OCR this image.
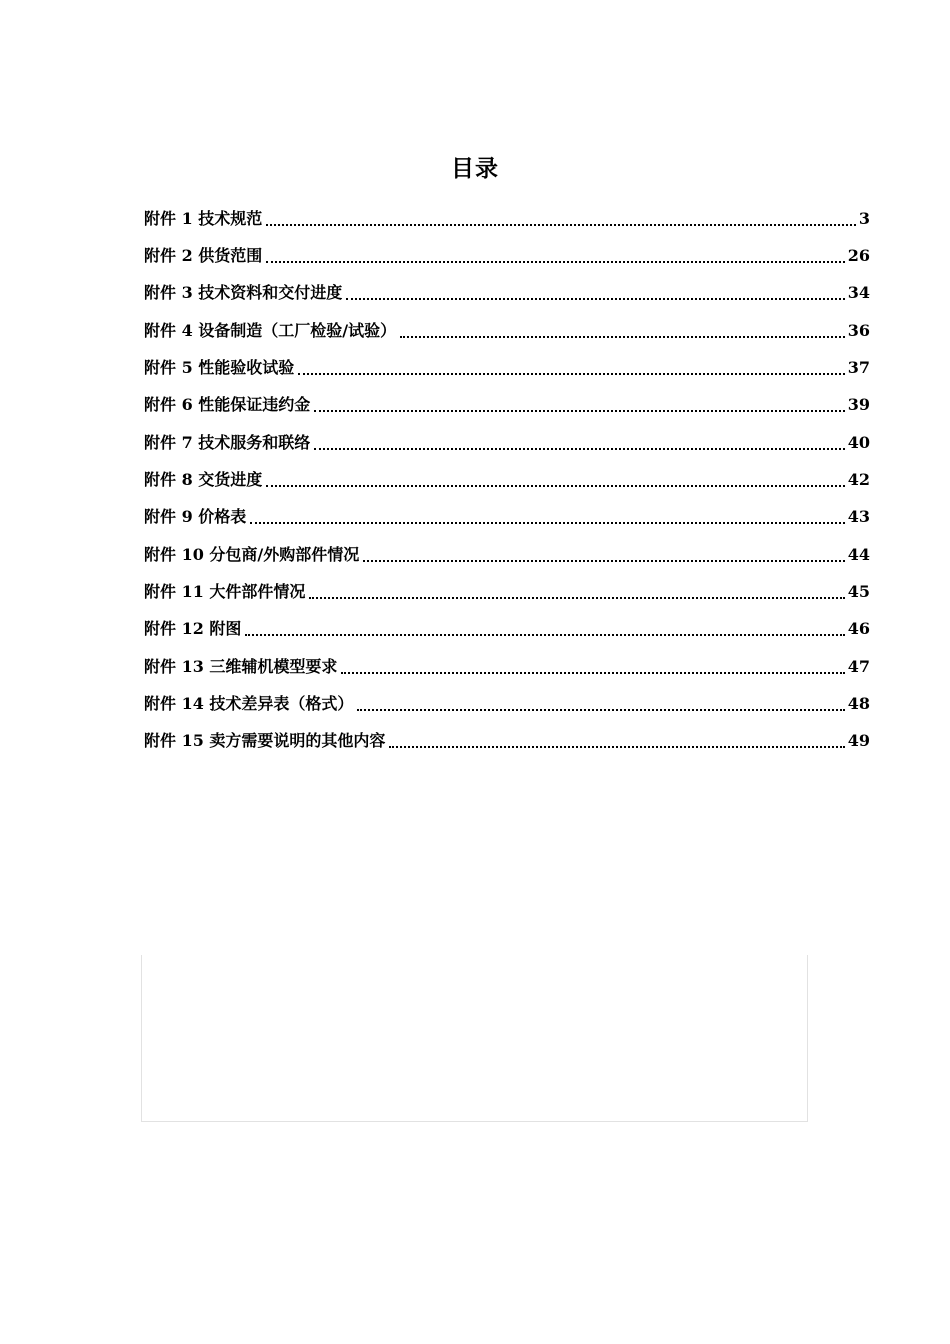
目录
附件 1 技术规范	3
附件 2 供货范围	26
附件 3 技术资料和交付进度	34
附件 4 设备制造（工厂检验/试验）	36
附件 5 性能验收试验	37
附件 6 性能保证违约金	39
附件 7 技术服务和联络	40
附件 8 交货进度	42
附件 9 价格表	43
附件 10 分包商/外购部件情况	44
附件 11 大件部件情况	45
附件 12 附图	46
附件 13 三维辅机模型要求	47
附件 14 技术差异表（格式）	48
附件 15 卖方需要说明的其他内容	49
